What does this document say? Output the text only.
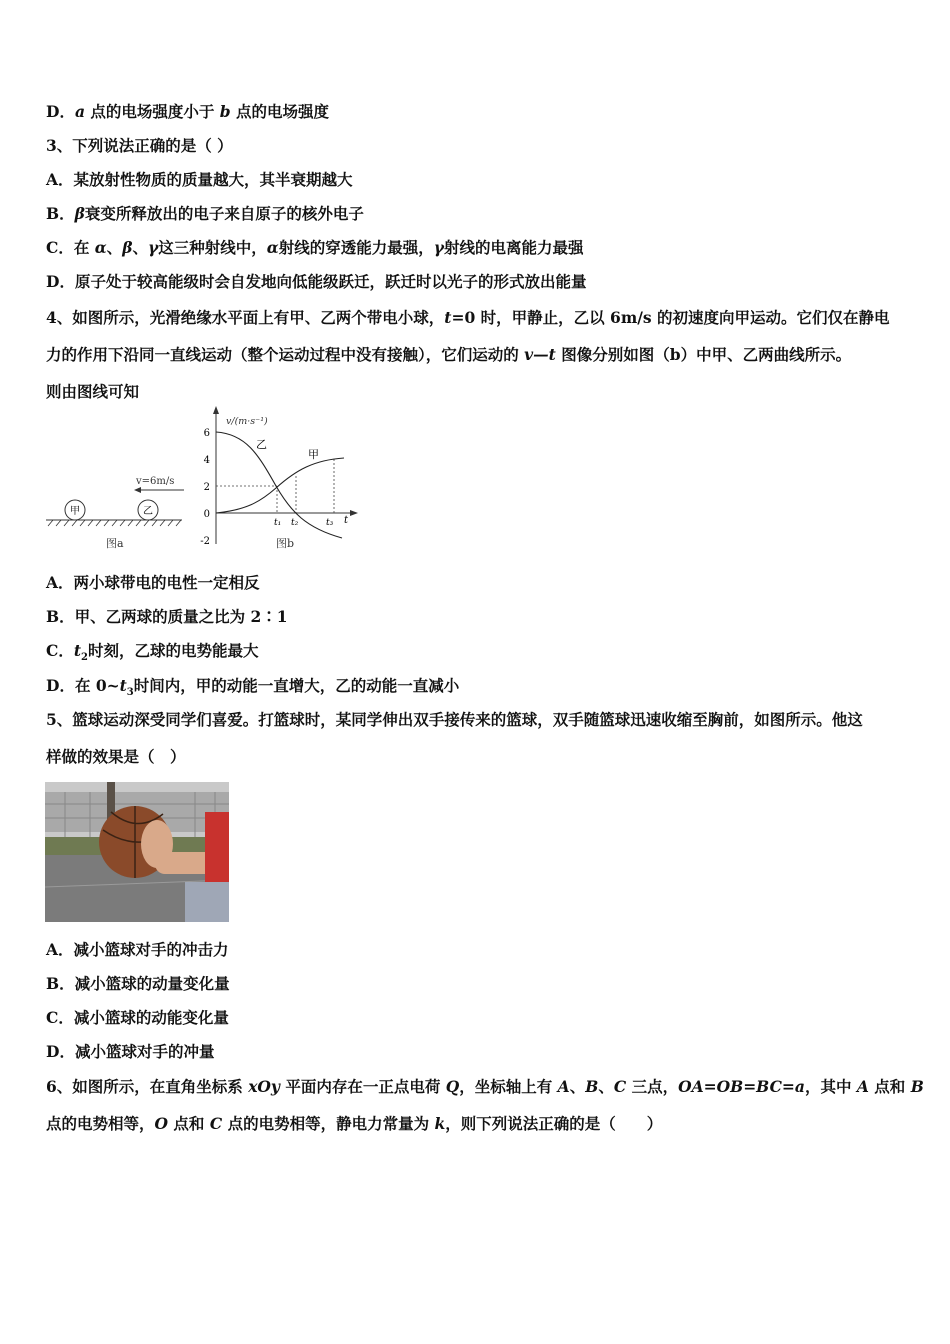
D．a 点的电场强度小于 b 点的电场强度
3、下列说法正确的是（ ）
A．某放射性物质的质量越大，其半衰期越大
B．β衰变所释放出的电子来自原子的核外电子
C．在 α、β、γ这三种射线中，α射线的穿透能力最强，γ射线的电离能力最强
D．原子处于较高能级时会自发地向低能级跃迁，跃迁时以光子的形式放出能量
4、如图所示，光滑绝缘水平面上有甲、乙两个带电小球，t=0 时，甲静止，乙以 6m/s 的初速度向甲运动。它们仅在静电
力的作用下沿同一直线运动（整个运动过程中没有接触），它们运动的 v—t 图像分别如图（b）中甲、乙两曲线所示。
则由图线可知
v=6m/s
甲	乙
图a
v/(m·s⁻¹)
6
4
2
0
-2
乙
甲
t₁ t₂	t₃ t
图b
A．两小球带电的电性一定相反
B．甲、乙两球的质量之比为 2∶1
C．$t_2$时刻，乙球的电势能最大
D．在 $0\sim t_3$时间内，甲的动能一直增大，乙的动能一直减小
5、篮球运动深受同学们喜爱。打篮球时，某同学伸出双手接传来的篮球，双手随篮球迅速收缩至胸前，如图所示。他这
样做的效果是（　）
A．减小篮球对手的冲击力
B．减小篮球的动量变化量
C．减小篮球的动能变化量
D．减小篮球对手的冲量
6、如图所示，在直角坐标系 xOy 平面内存在一正点电荷 Q，坐标轴上有 A、B、C 三点，OA=OB=BC=a，其中 A 点和 B
点的电势相等，O 点和 C 点的电势相等，静电力常量为 k，则下列说法正确的是（　　）
